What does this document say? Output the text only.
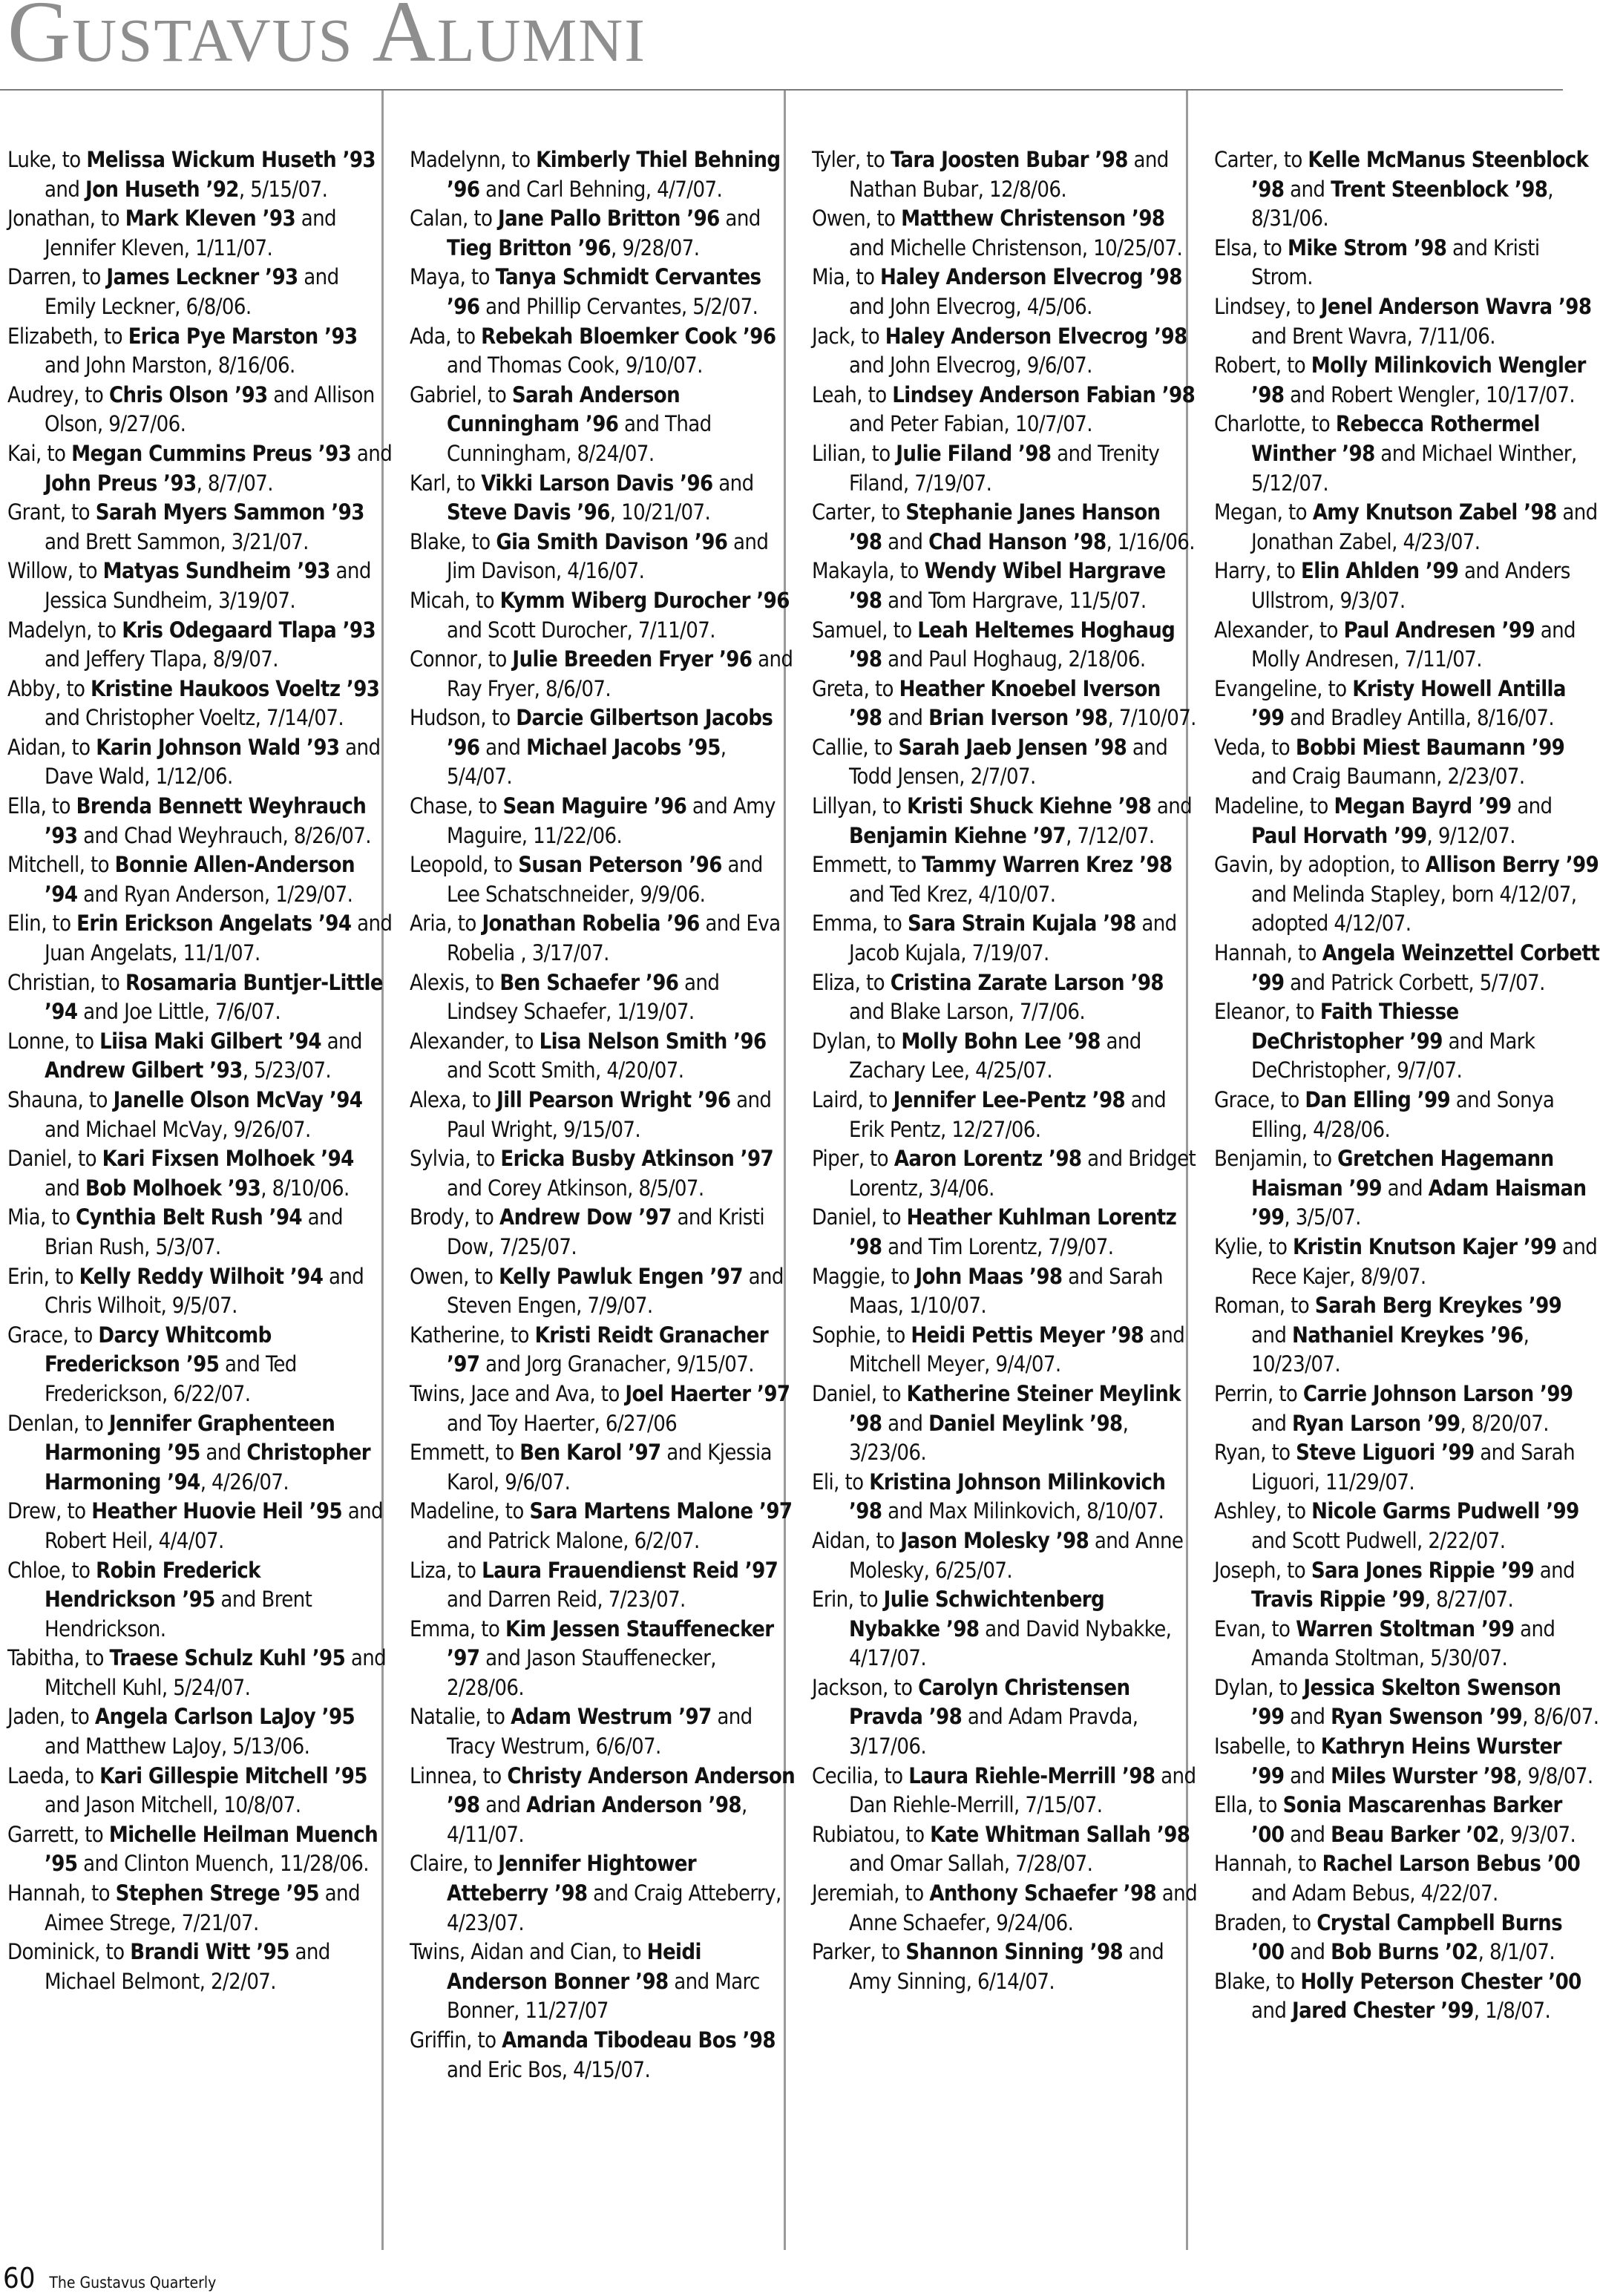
Gustavus Alumni
Luke, to Melissa Wickum Huseth ’93 and Jon Huseth ’92, 5/15/07.
Jonathan, to Mark Kleven ’93 and Jennifer Kleven, 1/11/07.
Darren, to James Leckner ’93 and Emily Leckner, 6/8/06.
Elizabeth, to Erica Pye Marston ’93 and John Marston, 8/16/06.
Audrey, to Chris Olson ’93 and Allison Olson, 9/27/06.
Kai, to Megan Cummins Preus ’93 and John Preus ’93, 8/7/07.
Grant, to Sarah Myers Sammon ’93 and Brett Sammon, 3/21/07.
Willow, to Matyas Sundheim ’93 and Jessica Sundheim, 3/19/07.
Madelyn, to Kris Odegaard Tlapa ’93 and Jeffery Tlapa, 8/9/07.
Abby, to Kristine Haukoos Voeltz ’93 and Christopher Voeltz, 7/14/07.
Aidan, to Karin Johnson Wald ’93 and Dave Wald, 1/12/06.
Ella, to Brenda Bennett Weyhrauch ’93 and Chad Weyhrauch, 8/26/07.
Mitchell, to Bonnie Allen-Anderson ’94 and Ryan Anderson, 1/29/07.
Elin, to Erin Erickson Angelats ’94 and Juan Angelats, 11/1/07.
Christian, to Rosamaria Buntjer-Little ’94 and Joe Little, 7/6/07.
Lonne, to Liisa Maki Gilbert ’94 and Andrew Gilbert ’93, 5/23/07.
Shauna, to Janelle Olson McVay ’94 and Michael McVay, 9/26/07.
Daniel, to Kari Fixsen Molhoek ’94 and Bob Molhoek ’93, 8/10/06.
Mia, to Cynthia Belt Rush ’94 and Brian Rush, 5/3/07.
Erin, to Kelly Reddy Wilhoit ’94 and Chris Wilhoit, 9/5/07.
Grace, to Darcy Whitcomb Frederickson ’95 and Ted Frederickson, 6/22/07.
Denlan, to Jennifer Graphenteen Harmoning ’95 and Christopher Harmoning ’94, 4/26/07.
Drew, to Heather Huovie Heil ’95 and Robert Heil, 4/4/07.
Chloe, to Robin Frederick Hendrickson ’95 and Brent Hendrickson.
Tabitha, to Traese Schulz Kuhl ’95 and Mitchell Kuhl, 5/24/07.
Jaden, to Angela Carlson LaJoy ’95 and Matthew LaJoy, 5/13/06.
Laeda, to Kari Gillespie Mitchell ’95 and Jason Mitchell, 10/8/07.
Garrett, to Michelle Heilman Muench ’95 and Clinton Muench, 11/28/06.
Hannah, to Stephen Strege ’95 and Aimee Strege, 7/21/07.
Dominick, to Brandi Witt ’95 and Michael Belmont, 2/2/07.
Madelynn, to Kimberly Thiel Behning ’96 and Carl Behning, 4/7/07.
Calan, to Jane Pallo Britton ’96 and Tieg Britton ’96, 9/28/07.
Maya, to Tanya Schmidt Cervantes ’96 and Phillip Cervantes, 5/2/07.
Ada, to Rebekah Bloemker Cook ’96 and Thomas Cook, 9/10/07.
Gabriel, to Sarah Anderson Cunningham ’96 and Thad Cunningham, 8/24/07.
Karl, to Vikki Larson Davis ’96 and Steve Davis ’96, 10/21/07.
Blake, to Gia Smith Davison ’96 and Jim Davison, 4/16/07.
Micah, to Kymm Wiberg Durocher ’96 and Scott Durocher, 7/11/07.
Connor, to Julie Breeden Fryer ’96 and Ray Fryer, 8/6/07.
Hudson, to Darcie Gilbertson Jacobs ’96 and Michael Jacobs ’95, 5/4/07.
Chase, to Sean Maguire ’96 and Amy Maguire, 11/22/06.
Leopold, to Susan Peterson ’96 and Lee Schatschneider, 9/9/06.
Aria, to Jonathan Robelia ’96 and Eva Robelia , 3/17/07.
Alexis, to Ben Schaefer ’96 and Lindsey Schaefer, 1/19/07.
Alexander, to Lisa Nelson Smith ’96 and Scott Smith, 4/20/07.
Alexa, to Jill Pearson Wright ’96 and Paul Wright, 9/15/07.
Sylvia, to Ericka Busby Atkinson ’97 and Corey Atkinson, 8/5/07.
Brody, to Andrew Dow ’97 and Kristi Dow, 7/25/07.
Owen, to Kelly Pawluk Engen ’97 and Steven Engen, 7/9/07.
Katherine, to Kristi Reidt Granacher ’97 and Jorg Granacher, 9/15/07.
Twins, Jace and Ava, to Joel Haerter ’97 and Toy Haerter, 6/27/06
Emmett, to Ben Karol ’97 and Kjessia Karol, 9/6/07.
Madeline, to Sara Martens Malone ’97 and Patrick Malone, 6/2/07.
Liza, to Laura Frauendienst Reid ’97 and Darren Reid, 7/23/07.
Emma, to Kim Jessen Stauffenecker ’97 and Jason Stauffenecker, 2/28/06.
Natalie, to Adam Westrum ’97 and Tracy Westrum, 6/6/07.
Linnea, to Christy Anderson Anderson ’98 and Adrian Anderson ’98, 4/11/07.
Claire, to Jennifer Hightower Atteberry ’98 and Craig Atteberry, 4/23/07.
Twins, Aidan and Cian, to Heidi Anderson Bonner ’98 and Marc Bonner, 11/27/07
Griffin, to Amanda Tibodeau Bos ’98 and Eric Bos, 4/15/07.
Tyler, to Tara Joosten Bubar ’98 and Nathan Bubar, 12/8/06.
Owen, to Matthew Christenson ’98 and Michelle Christenson, 10/25/07.
Mia, to Haley Anderson Elvecrog ’98 and John Elvecrog, 4/5/06.
Jack, to Haley Anderson Elvecrog ’98 and John Elvecrog, 9/6/07.
Leah, to Lindsey Anderson Fabian ’98 and Peter Fabian, 10/7/07.
Lilian, to Julie Filand ’98 and Trenity Filand, 7/19/07.
Carter, to Stephanie Janes Hanson ’98 and Chad Hanson ’98, 1/16/06.
Makayla, to Wendy Wibel Hargrave ’98 and Tom Hargrave, 11/5/07.
Samuel, to Leah Heltemes Hoghaug ’98 and Paul Hoghaug, 2/18/06.
Greta, to Heather Knoebel Iverson ’98 and Brian Iverson ’98, 7/10/07.
Callie, to Sarah Jaeb Jensen ’98 and Todd Jensen, 2/7/07.
Lillyan, to Kristi Shuck Kiehne ’98 and Benjamin Kiehne ’97, 7/12/07.
Emmett, to Tammy Warren Krez ’98 and Ted Krez, 4/10/07.
Emma, to Sara Strain Kujala ’98 and Jacob Kujala, 7/19/07.
Eliza, to Cristina Zarate Larson ’98 and Blake Larson, 7/7/06.
Dylan, to Molly Bohn Lee ’98 and Zachary Lee, 4/25/07.
Laird, to Jennifer Lee-Pentz ’98 and Erik Pentz, 12/27/06.
Piper, to Aaron Lorentz ’98 and Bridget Lorentz, 3/4/06.
Daniel, to Heather Kuhlman Lorentz ’98 and Tim Lorentz, 7/9/07.
Maggie, to John Maas ’98 and Sarah Maas, 1/10/07.
Sophie, to Heidi Pettis Meyer ’98 and Mitchell Meyer, 9/4/07.
Daniel, to Katherine Steiner Meylink ’98 and Daniel Meylink ’98, 3/23/06.
Eli, to Kristina Johnson Milinkovich ’98 and Max Milinkovich, 8/10/07.
Aidan, to Jason Molesky ’98 and Anne Molesky, 6/25/07.
Erin, to Julie Schwichtenberg Nybakke ’98 and David Nybakke, 4/17/07.
Jackson, to Carolyn Christensen Pravda ’98 and Adam Pravda, 3/17/06.
Cecilia, to Laura Riehle-Merrill ’98 and Dan Riehle-Merrill, 7/15/07.
Rubiatou, to Kate Whitman Sallah ’98 and Omar Sallah, 7/28/07.
Jeremiah, to Anthony Schaefer ’98 and Anne Schaefer, 9/24/06.
Parker, to Shannon Sinning ’98 and Amy Sinning, 6/14/07.
Carter, to Kelle McManus Steenblock ’98 and Trent Steenblock ’98, 8/31/06.
Elsa, to Mike Strom ’98 and Kristi Strom.
Lindsey, to Jenel Anderson Wavra ’98 and Brent Wavra, 7/11/06.
Robert, to Molly Milinkovich Wengler ’98 and Robert Wengler, 10/17/07.
Charlotte, to Rebecca Rothermel Winther ’98 and Michael Winther, 5/12/07.
Megan, to Amy Knutson Zabel ’98 and Jonathan Zabel, 4/23/07.
Harry, to Elin Ahlden ’99 and Anders Ullstrom, 9/3/07.
Alexander, to Paul Andresen ’99 and Molly Andresen, 7/11/07.
Evangeline, to Kristy Howell Antilla ’99 and Bradley Antilla, 8/16/07.
Veda, to Bobbi Miest Baumann ’99 and Craig Baumann, 2/23/07.
Madeline, to Megan Bayrd ’99 and Paul Horvath ’99, 9/12/07.
Gavin, by adoption, to Allison Berry ’99 and Melinda Stapley, born 4/12/07, adopted 4/12/07.
Hannah, to Angela Weinzettel Corbett ’99 and Patrick Corbett, 5/7/07.
Eleanor, to Faith Thiesse DeChristopher ’99 and Mark DeChristopher, 9/7/07.
Grace, to Dan Elling ’99 and Sonya Elling, 4/28/06.
Benjamin, to Gretchen Hagemann Haisman ’99 and Adam Haisman ’99, 3/5/07.
Kylie, to Kristin Knutson Kajer ’99 and Rece Kajer, 8/9/07.
Roman, to Sarah Berg Kreykes ’99 and Nathaniel Kreykes ’96, 10/23/07.
Perrin, to Carrie Johnson Larson ’99 and Ryan Larson ’99, 8/20/07.
Ryan, to Steve Liguori ’99 and Sarah Liguori, 11/29/07.
Ashley, to Nicole Garms Pudwell ’99 and Scott Pudwell, 2/22/07.
Joseph, to Sara Jones Rippie ’99 and Travis Rippie ’99, 8/27/07.
Evan, to Warren Stoltman ’99 and Amanda Stoltman, 5/30/07.
Dylan, to Jessica Skelton Swenson ’99 and Ryan Swenson ’99, 8/6/07.
Isabelle, to Kathryn Heins Wurster ’99 and Miles Wurster ’98, 9/8/07.
Ella, to Sonia Mascarenhas Barker ’00 and Beau Barker ’02, 9/3/07.
Hannah, to Rachel Larson Bebus ’00 and Adam Bebus, 4/22/07.
Braden, to Crystal Campbell Burns ’00 and Bob Burns ’02, 8/1/07.
Blake, to Holly Peterson Chester ’00 and Jared Chester ’99, 1/8/07.
60 The Gustavus Quarterly
